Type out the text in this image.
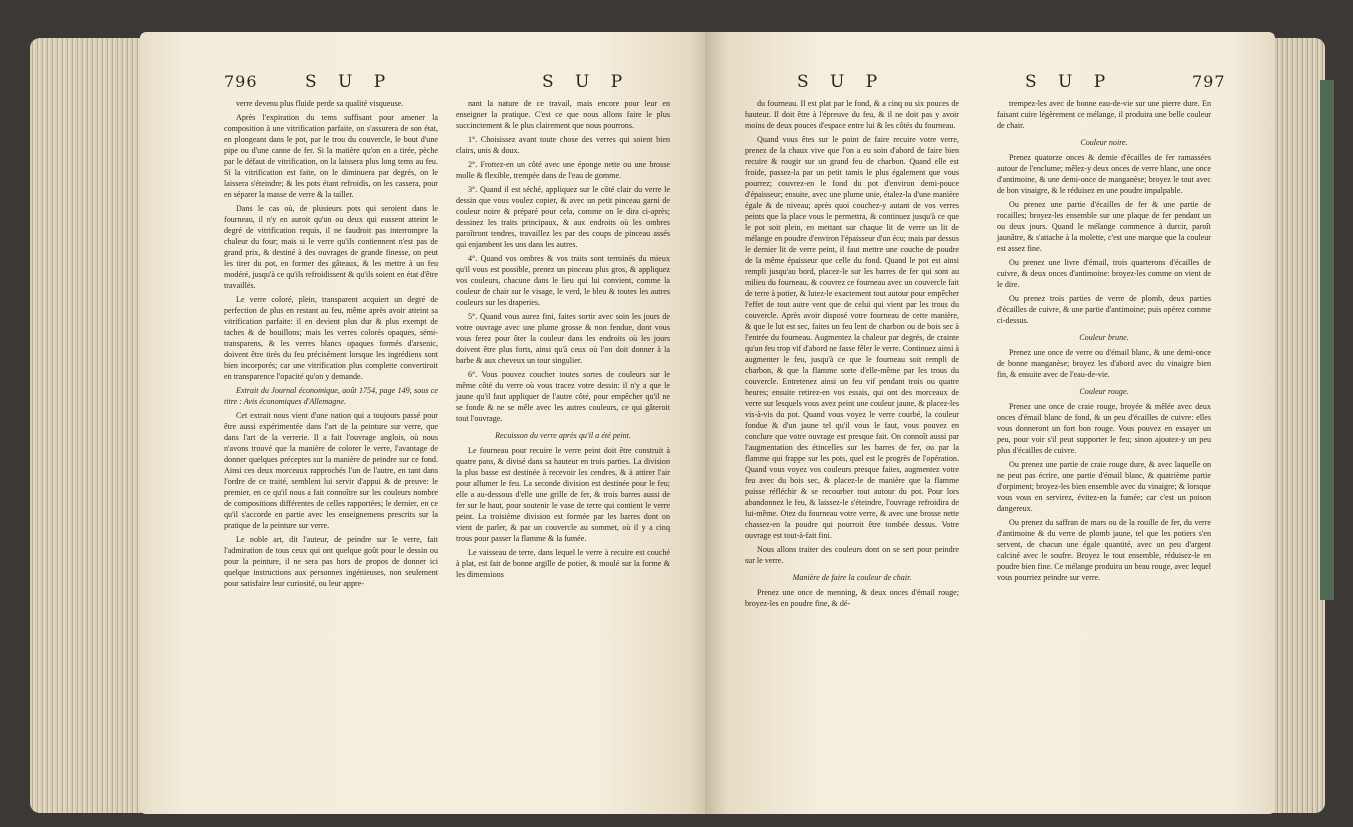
796	S U P	S U P

verre devenu plus fluide perde sa qualité visqueuse.

Après l'expiration du tems suffisant pour amener la composition à une vitrification parfaite, on s'assurera de son état, en plongeant dans le pot, par le trou du couvercle, le bout d'une pipe ou d'une canne de fer. Si la matière qu'on en a tirée, pèche par le défaut de vitrification, on la laissera plus long tems au feu. Si la vitrification est faite, on le diminuera par degrés, on le laissera s'éteindre; & les pots étant refroidis, on les cassera, pour en séparer la masse de verre & la tailler.

Dans le cas où, de plusieurs pots qui seroient dans le fourneau, il n'y en auroit qu'un ou deux qui eussent atteint le degré de vitrification requis, il ne faudroit pas interrompre la chaleur du four; mais si le verre qu'ils contiennent n'est pas de grand prix, & destiné à des ouvrages de grande finesse, on peut les tirer du pot, en former des gâteaux, & les mettre à un feu modéré, jusqu'à ce qu'ils refroidissent & qu'ils soient en état d'être travaillés.

Le verre coloré, plein, transparent acquiert un degré de perfection de plus en restant au feu, même après avoir atteint sa vitrification parfaite: il en devient plus dur & plus exempt de taches & de bouillons; mais les verres colorés opaques, sémi-transparens, & les verres blancs opaques formés d'arsenic, doivent être tirés du feu précisément lorsque les ingrédiens sont bien incorporés; car une vitrification plus complette convertiroit en transparence l'opacité qu'on y demande.

Extrait du Journal économique, août 1754, page 149, sous ce titre : Avis économiques d'Allemagne.

Cet extrait nous vient d'une nation qui a toujours passé pour être aussi expérimentée dans l'art de la peinture sur verre, que dans l'art de la verrerie. Il a fait l'ouvrage anglois, où nous n'avons trouvé que la manière de colorer le verre, l'avantage de donner quelques préceptes sur la manière de peindre sur ce fond. Ainsi ces deux morceaux rapprochés l'un de l'autre, en tant dans l'ordre de ce traité, semblent lui servir d'appui & de preuve: le premier, en ce qu'il nous a fait connoître sur les couleurs nombre de compositions différentes de celles rapportées; le dernier, en ce qu'il s'accorde en partie avec les enseignemens prescrits sur la pratique de la peinture sur verre.

Le noble art, dit l'auteur, de peindre sur le verre, fait l'admiration de tous ceux qui ont quelque goût pour le dessin ou pour la peinture, il ne sera pas hors de propos de donner ici quelque instructions aux personnes ingénieuses, non seulement pour satisfaire leur curiosité, ou leur appre-

nant la nature de ce travail, mais encore pour leur en enseigner la pratique. C'est ce que nous allons faire le plus succinctement & le plus clairement que nous pourrons.

1°. Choisissez avant toute chose des verres qui soient bien clairs, unis & doux.

2°. Frottez-en un côté avec une éponge nette ou une brosse molle & flexible, trempée dans de l'eau de gomme.

3°. Quand il est séché, appliquez sur le côté clair du verre le dessin que vous voulez copier, & avec un petit pinceau garni de couleur noire & préparé pour cela, comme on le dira ci-après; dessinez les traits principaux, & aux endroits où les ombres paroîtront tendres, travaillez les par des coups de pinceau assés qui enjambent les uns dans les autres.

4°. Quand vos ombres & vos traits sont terminés du mieux qu'il vous est possible, prenez un pinceau plus gros, & appliquez vos couleurs, chacune dans le lieu qui lui convient, comme la couleur de chair sur le visage, le verd, le bleu & toutes les autres couleurs sur les draperies.

5°. Quand vous aurez fini, faites sortir avec soin les jours de votre ouvrage avec une plume grosse & non fendue, dont vous vous ferez pour ôter la couleur dans les endroits où les jours doivent être plus forts, ainsi qu'à ceux où l'on doit donner à la barbe & aux cheveux un tour singulier.

6°. Vous pouvez coucher toutes sortes de couleurs sur le même côté du verre où vous tracez votre dessin: il n'y a que le jaune qu'il faut appliquer de l'autre côté, pour empêcher qu'il ne se fonde & ne se mêle avec les autres couleurs, ce qui gâteroit tout l'ouvrage.

Recuisson du verre après qu'il a été peint.

Le fourneau pour recuire le verre peint doit être construit à quatre pans, & divisé dans sa hauteur en trois parties. La division la plus basse est destinée à recevoir les cendres, & à attirer l'air pour allumer le feu. La seconde division est destinée pour le feu; elle a au-dessous d'elle une grille de fer, & trois barres aussi de fer sur le haut, pour soutenir le vase de terre qui contient le verre peint. La troisième division est formée par les barres dont on vient de parler, & par un couvercle au sommet, où il y a cinq trous pour passer la flamme & la fumée.

Le vaisseau de terre, dans lequel le verre à recuire est couché à plat, est fait de bonne argille de potier, & moulé sur la forme & les dimensions

S U P	S U P	797

du fourneau. Il est plat par le fond, & a cinq ou six pouces de hauteur. Il doit être à l'épreuve du feu, & il ne doit pas y avoir moins de deux pouces d'espace entre lui & les côtés du fourneau.

Quand vous êtes sur le point de faire recuire votre verre, prenez de la chaux vive que l'on a eu soin d'abord de faire bien recuire & rougir sur un grand feu de charbon. Quand elle est froide, passez-la par un petit tamis le plus également que vous pourrez; couvrez-en le fond du pot d'environ demi-pouce d'épaisseur; ensuite, avec une plume unie, étalez-la d'une manière égale & de niveau; après quoi couchez-y autant de vos verres peints que la place vous le permettra, & continuez jusqu'à ce que le pot soit plein, en mettant sur chaque lit de verre un lit de mélange en poudre d'environ l'épaisseur d'un écu; mais par dessus le dernier lit de verre peint, il faut mettre une couche de poudre de la même épaisseur que celle du fond. Quand le pot est ainsi rempli jusqu'au bord, placez-le sur les barres de fer qui sont au milieu du fourneau, & couvrez ce fourneau avec un couvercle fait de terre à potier, & lutez-le exactement tout autour pour empêcher l'effet de tout autre vent que de celui qui vient par les trous du couvercle. Après avoir disposé votre fourneau de cette manière, & que le lut est sec, faites un feu lent de charbon ou de bois sec à l'entrée du fourneau. Augmentez la chaleur par degrés, de crainte qu'un feu trop vif d'abord ne fasse fêler le verre. Continuez ainsi à augmenter le feu, jusqu'à ce que le fourneau soit rempli de charbon, & que la flamme sorte d'elle-même par les trous du couvercle. Entretenez ainsi un feu vif pendant trois ou quatre heures; ensuite retirez-en vos essais, qui ont des morceaux de verre sur lesquels vous avez peint une couleur jaune, & placez-les vis-à-vis du pot. Quand vous voyez le verre courbé, la couleur fondue & d'un jaune tel qu'il vous le faut, vous pouvez en conclure que votre ouvrage est presque fait. On connoît aussi par l'augmentation des étincelles sur les barres de fer, ou par la flamme qui frappe sur les pots, quel est le progrès de l'opération. Quand vous voyez vos couleurs presque faites, augmentez votre feu avec du bois sec, & placez-le de manière que la flamme puisse réfléchir & se recourber tout autour du pot. Pour lors abandonnez le feu, & laissez-le s'éteindre, l'ouvrage refroidira de lui-même. Otez du fourneau votre verre, & avec une brosse nette chassez-en la poudre qui pourroit être tombée dessus. Votre ouvrage est tout-à-fait fini.

Nous allons traiter des couleurs dont on se sert pour peindre sur le verre.

Manière de faire la couleur de chair.

Prenez une once de menning, & deux onces d'émail rouge; broyez-les en poudre fine, & dé-

trempez-les avec de bonne eau-de-vie sur une pierre dure. En faisant cuire légèrement ce mélange, il produira une belle couleur de chair.

Couleur noire.

Prenez quatorze onces & demie d'écailles de fer ramassées autour de l'enclume; mêlez-y deux onces de verre blanc, une once d'antimoine, & une demi-once de manganèse; broyez le tout avec de bon vinaigre, & le réduisez en une poudre impalpable.

Ou prenez une partie d'écailles de fer & une partie de rocailles; broyez-les ensemble sur une plaque de fer pendant un ou deux jours. Quand le mélange commence à durcir, paroît jaunâtre, & s'attache à la molette, c'est une marque que la couleur est assez fine.

Ou prenez une livre d'émail, trois quarterons d'écailles de cuivre, & deux onces d'antimoine: broyez-les comme on vient de le dire.

Ou prenez trois parties de verre de plomb, deux parties d'écailles de cuivre, & une partie d'antimoine; puis opérez comme ci-dessus.

Couleur brune.

Prenez une once de verre ou d'émail blanc, & une demi-once de bonne manganèse; broyez les d'abord avec du vinaigre bien fin, & ensuite avec de l'eau-de-vie.

Couleur rouge.

Prenez une once de craie rouge, broyée & mêlée avec deux onces d'émail blanc de fond, & un peu d'écailles de cuivre: elles vous donneront un fort bon rouge. Vous pouvez en essayer un peu, pour voir s'il peut supporter le feu; sinon ajoutez-y un peu plus d'écailles de cuivre.

Ou prenez une partie de craie rouge dure, & avec laquelle on ne peut pas écrire, une partie d'émail blanc, & quatrième partie d'orpiment; broyez-les bien ensemble avec du vinaigre; & lorsque vous vous en servirez, évitez-en la fumée; car c'est un poison dangereux.

Ou prenez du saffran de mars ou de la rouille de fer, du verre d'antimoine & du verre de plomb jaune, tel que les potiers s'en servent, de chacun une égale quantité, avec un peu d'argent calciné avec le soufre. Broyez le tout ensemble, réduisez-le en poudre bien fine. Ce mélange produira un beau rouge, avec lequel vous pourriez peindre sur verre.
